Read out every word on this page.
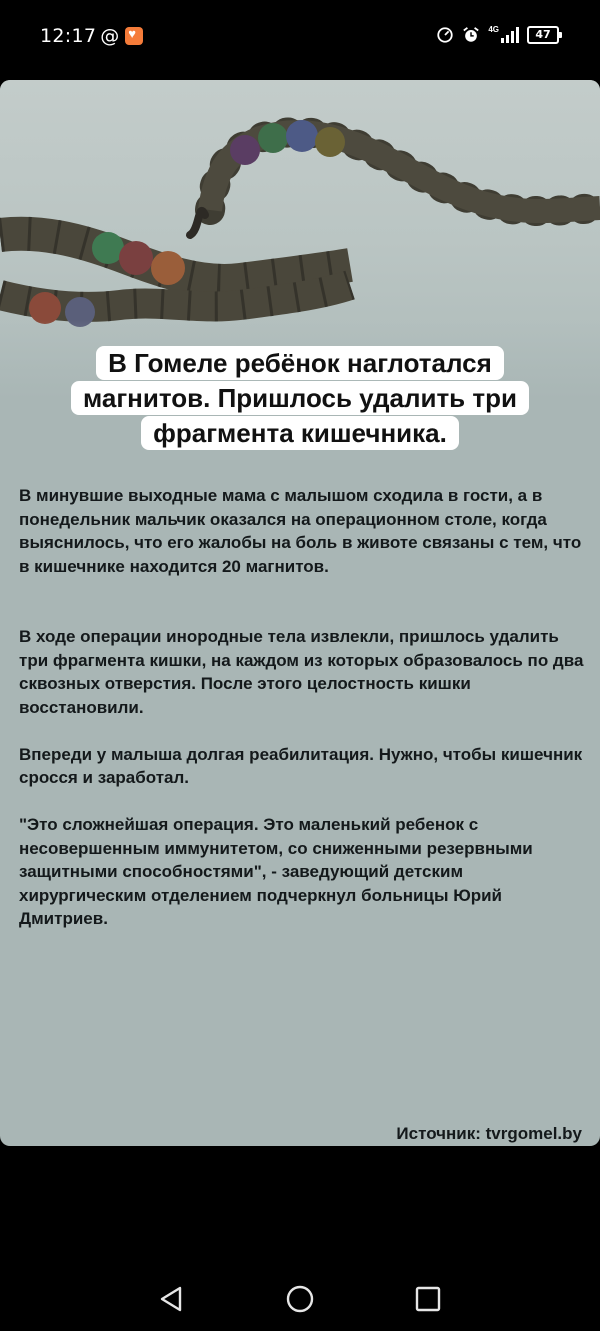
12:17 @
♥	4G	47
В Гомеле ребёнок наглотался
магнитов. Пришлось удалить три
фрагмента кишечника.

В минувшие выходные мама с малышом сходила в гости, а в понедельник мальчик оказался на операционном столе, когда выяснилось, что его жалобы на боль в животе связаны с тем, что в кишечнике находится 20 магнитов.

В ходе операции инородные тела извлекли, пришлось удалить три фрагмента кишки, на каждом из которых образовалось по два сквозных отверстия. После этого целостность кишки восстановили.

Впереди у малыша долгая реабилитация. Нужно, чтобы кишечник сросся и заработал.

"Это сложнейшая операция. Это маленький ребенок с несовершенным иммунитетом, со сниженными резервными защитными способностями", - заведующий детским хирургическим отделением подчеркнул больницы Юрий Дмитриев.

Источник: tvrgomel.by
